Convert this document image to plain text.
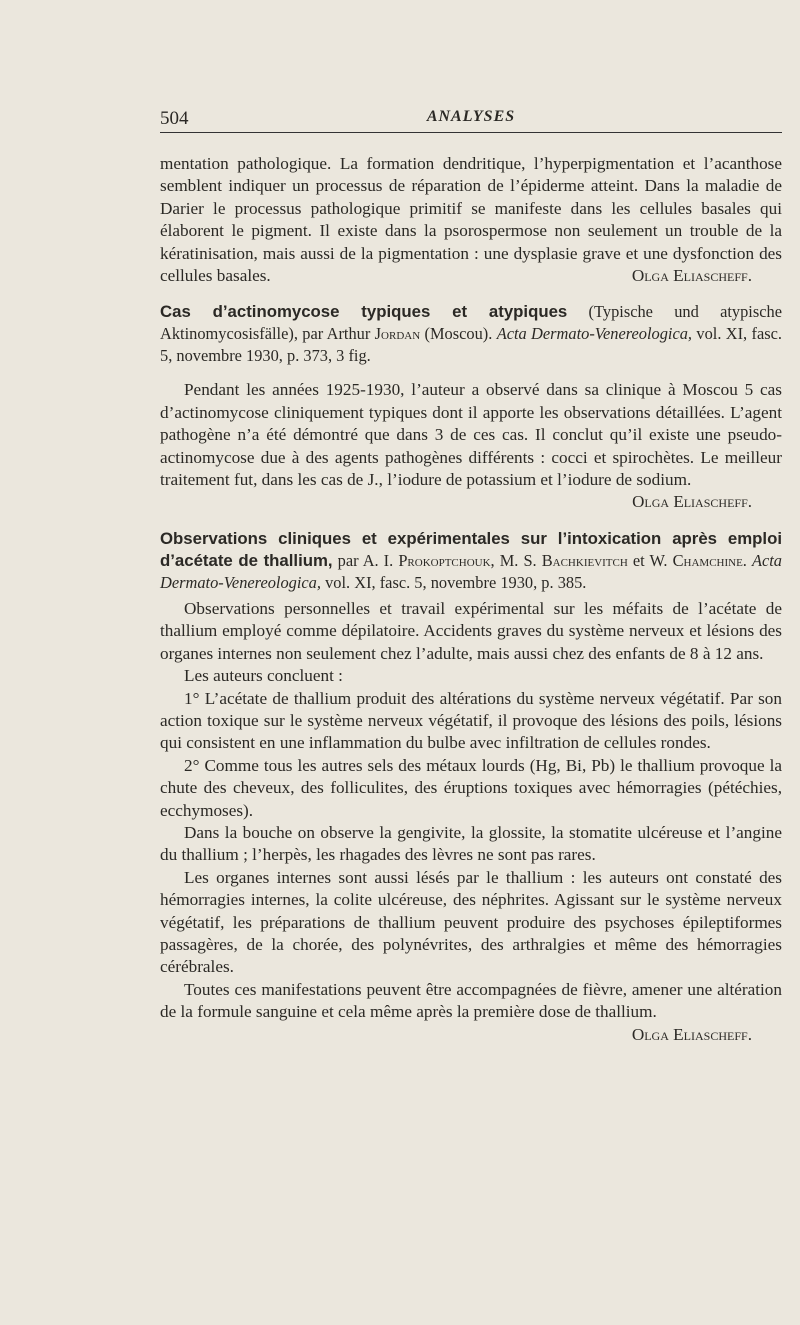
504	ANALYSES

mentation pathologique. La formation dendritique, l’hyperpigmentation et l’acanthose semblent indiquer un processus de réparation de l’épiderme atteint. Dans la maladie de Darier le processus pathologique primitif se manifeste dans les cellules basales qui élaborent le pigment. Il existe dans la psorospermose non seulement un trouble de la kératinisation, mais aussi de la pigmentation : une dysplasie grave et une dysfonction des cellules basales.	Olga Eliascheff.

Cas d’actinomycose typiques et atypiques (Typische und atypische Aktinomycosisfälle), par Arthur Jordan (Moscou). Acta Dermato-Venereologica, vol. XI, fasc. 5, novembre 1930, p. 373, 3 fig.

Pendant les années 1925-1930, l’auteur a observé dans sa clinique à Moscou 5 cas d’actinomycose cliniquement typiques dont il apporte les observations détaillées. L’agent pathogène n’a été démontré que dans 3 de ces cas. Il conclut qu’il existe une pseudo-actinomycose due à des agents pathogènes différents : cocci et spirochètes. Le meilleur traitement fut, dans les cas de J., l’iodure de potassium et l’iodure de sodium.

Olga Eliascheff.
Observations cliniques et expérimentales sur l’intoxication après emploi d’acétate de thallium, par A. I. Prokoptchouk, M. S. Bachkievitch et W. Chamchine. Acta Dermato-Venereologica, vol. XI, fasc. 5, novembre 1930, p. 385.

Observations personnelles et travail expérimental sur les méfaits de l’acétate de thallium employé comme dépilatoire. Accidents graves du système nerveux et lésions des organes internes non seulement chez l’adulte, mais aussi chez des enfants de 8 à 12 ans.

Les auteurs concluent :

1° L’acétate de thallium produit des altérations du système nerveux végétatif. Par son action toxique sur le système nerveux végétatif, il provoque des lésions des poils, lésions qui consistent en une inflammation du bulbe avec infiltration de cellules rondes.

2° Comme tous les autres sels des métaux lourds (Hg, Bi, Pb) le thallium provoque la chute des cheveux, des folliculites, des éruptions toxiques avec hémorragies (pétéchies, ecchymoses).

Dans la bouche on observe la gengivite, la glossite, la stomatite ulcéreuse et l’angine du thallium ; l’herpès, les rhagades des lèvres ne sont pas rares.

Les organes internes sont aussi lésés par le thallium : les auteurs ont constaté des hémorragies internes, la colite ulcéreuse, des néphrites. Agissant sur le système nerveux végétatif, les préparations de thallium peuvent produire des psychoses épileptiformes passagères, de la chorée, des polynévrites, des arthralgies et même des hémorragies cérébrales.

Toutes ces manifestations peuvent être accompagnées de fièvre, amener une altération de la formule sanguine et cela même après la première dose de thallium.
Olga Eliascheff.
